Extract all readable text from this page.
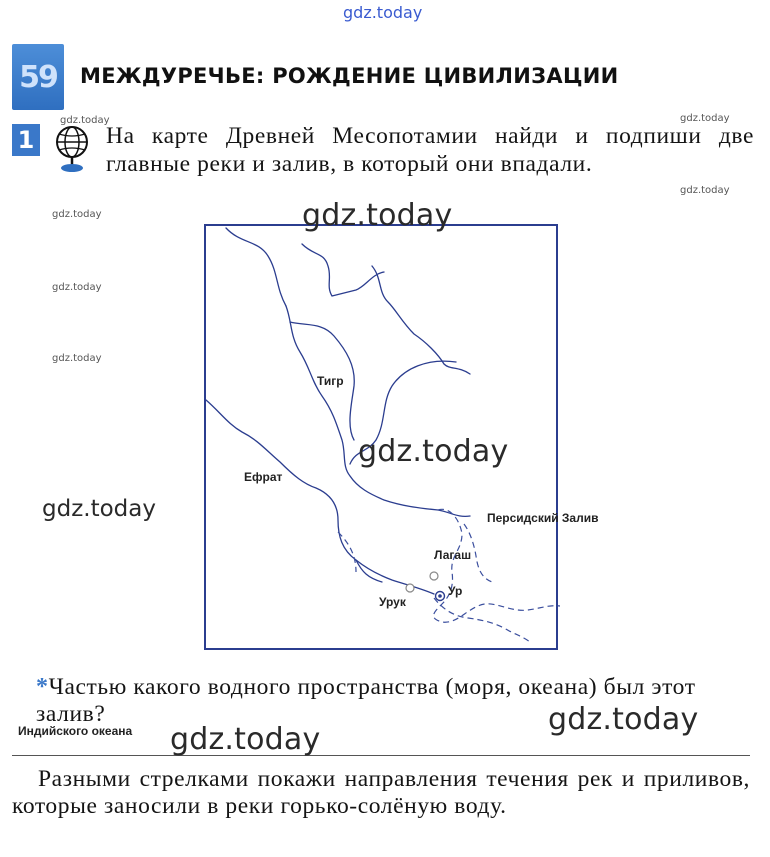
gdz.today
gdz.today	gdz.today
gdz.today
gdz.today
gdz.today
gdz.today
59 МЕЖДУРЕЧЬЕ: РОЖДЕНИЕ ЦИВИЛИЗАЦИИ
1	На карте Древней Месопотамии найди и подпиши две главные реки и залив, в который они впадали.
Тигр
Ефрат
Персидский Залив
Лагаш
Ур
Урук
gdz.today
gdz.today
gdz.today
*Частью какого водного пространства (моря, океана) был этот залив?
Индийского океана	gdz.today
gdz.today
Разными стрелками покажи направления течения рек и приливов, которые заносили в реки горько-солёную воду.
